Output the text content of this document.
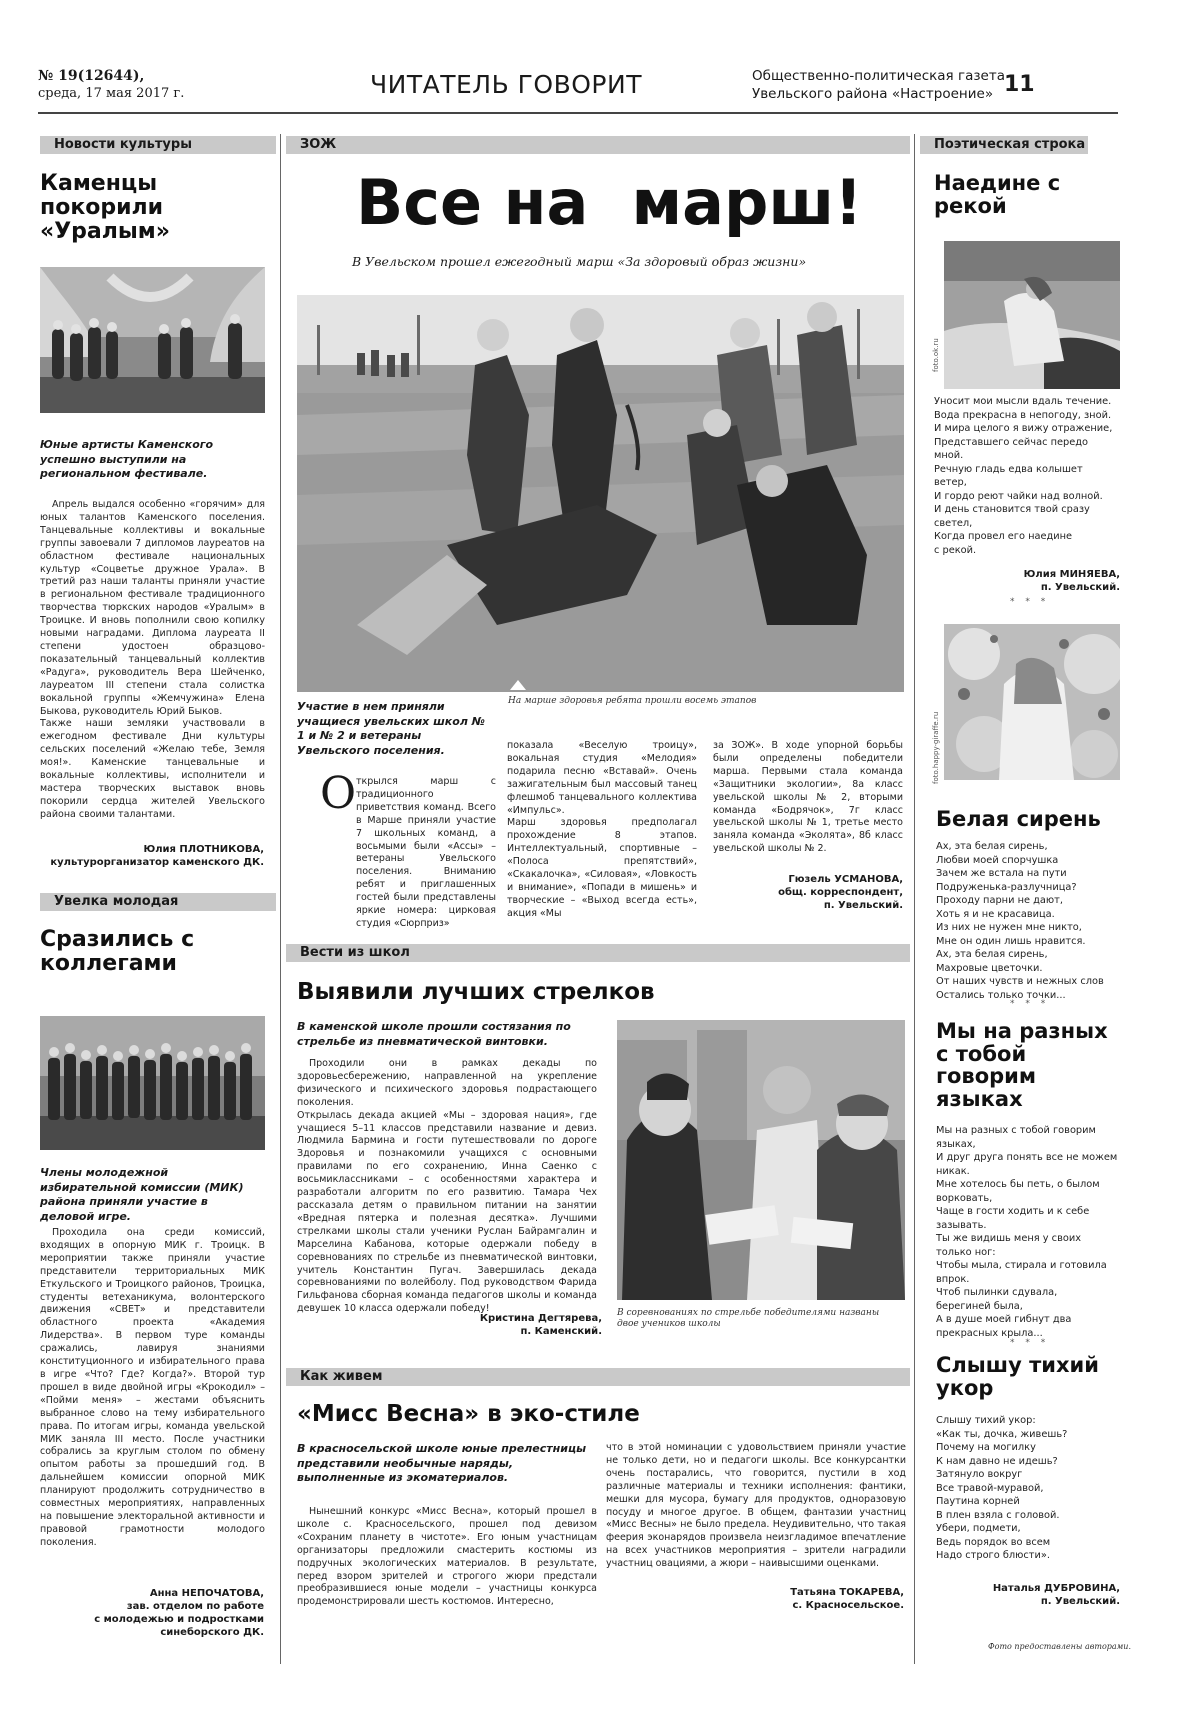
№ 19(12644),
среда, 17 мая 2017 г.	ЧИТАТЕЛЬ ГОВОРИТ	Общественно-политическая газета
Увельского района «Настроение» 11
Новости культуры
Каменцы покорили «Уралым»
Юные артисты Каменского успешно выступили на региональном фестивале.

Апрель выдался особенно «горячим» для юных талантов Каменского поселения. Танцевальные коллективы и вокальные группы завоевали 7 дипломов лауреатов на областном фестивале национальных культур «Соцветье дружное Урала». В третий раз наши таланты приняли участие в региональном фестивале традиционного творчества тюркских народов «Уралым» в Троицке. И вновь пополнили свою копилку новыми наградами. Диплома лауреата II степени удостоен образцово-показательный танцевальный коллектив «Радуга», руководитель Вера Шейченко, лауреатом III степени стала солистка вокальной группы «Жемчужина» Елена Быкова, руководитель Юрий Быков.
Также наши земляки участвовали в ежегодном фестивале Дни культуры сельских поселений «Желаю тебе, Земля моя!». Каменские танцевальные и вокальные коллективы, исполнители и мастера творческих выставок вновь покорили сердца жителей Увельского района своими талантами.

Юлия ПЛОТНИКОВА,
культурорганизатор каменского ДК.
Увелка молодая
Сразились с коллегами
Члены молодежной избирательной комиссии (МИК) района приняли участие в деловой игре.

Проходила она среди комиссий, входящих в опорную МИК г. Троицк. В мероприятии также приняли участие представители территориальных МИК Еткульского и Троицкого районов, Троицка, студенты ветеханикума, волонтерского движения «СВЕТ» и представители областного проекта «Академия Лидерства». В первом туре команды сражались, лавируя знаниями конституционного и избирательного права в игре «Что? Где? Когда?». Второй тур прошел в виде двойной игры «Крокодил» – «Пойми меня» – жестами объяснить выбранное слово на тему избирательного права. По итогам игры, команда увельской МИК заняла III место. После участники собрались за круглым столом по обмену опытом работы за прошедший год. В дальнейшем комиссии опорной МИК планируют продолжить сотрудничество в совместных мероприятиях, направленных на повышение электоральной активности и правовой грамотности молодого поколения.

Анна НЕПОЧАТОВА,
зав. отделом по работе
с молодежью и подростками
синеборского ДК.
ЗОЖ
Все на  марш!
В Увельском прошел ежегодный марш «За здоровый образ жизни»
На марше здоровья ребята прошли восемь этапов
Участие в нем приняли учащиеся увельских школ № 1 и № 2 и ветераны Увельского поселения.
О ткрылся марш с традиционного приветствия команд. Всего в Марше приняли участие 7 школьных команд, а восьмыми были «Ассы» – ветераны Увельского поселения. Вниманию ребят и приглашенных гостей были представлены яркие номера: цирковая студия «Сюрприз»

показала «Веселую троицу», вокальная студия «Мелодия» подарила песню «Вставай». Очень зажигательным был массовый танец флешмоб танцевального коллектива «Импульс».
Марш здоровья предполагал прохождение 8 этапов. Интеллектуальный, спортивные – «Полоса препятствий», «Скакалочка», «Силовая», «Ловкость и внимание», «Попади в мишень» и творческие – «Выход всегда есть», акция «Мы

за ЗОЖ». В ходе упорной борьбы были определены победители марша. Первыми стала команда «Защитники экологии», 8а класс увельской школы № 2, вторыми команда «Бодрячок», 7г класс увельской школы № 1, третье место заняла команда «Эколята», 8б класс увельской школы № 2.

Гюзель УСМАНОВА,
общ. корреспондент,
п. Увельский.
Вести из школ
Выявили лучших стрелков
В каменской школе прошли состязания по стрельбе из пневматической винтовки.

Проходили они в рамках декады по здоровьесбережению, направленной на укрепление физического и психического здоровья подрастающего поколения.
Открылась декада акцией «Мы – здоровая нация», где учащиеся 5–11 классов представили название и девиз. Людмила Бармина и гости путешествовали по дороге Здоровья и познакомили учащихся с основными правилами по его сохранению, Инна Саенко с восьмиклассниками – с особенностями характера и разработали алгоритм по его развитию. Тамара Чех рассказала детям о правильном питании на занятии «Вредная пятерка и полезная десятка». Лучшими стрелками школы стали ученики Руслан Байрамгалин и Марселина Кабанова, которые одержали победу в соревнованиях по стрельбе из пневматической винтовки, учитель Константин Пугач. Завершилась декада соревнованиями по волейболу. Под руководством Фарида Гильфанова сборная команда педагогов школы и команда девушек 10 класса одержали победу!

Кристина Дегтярева,
п. Каменский.
В соревнованиях по стрельбе победителями названы
двое учеников школы
Как живем
«Мисс Весна» в эко-стиле
В красносельской школе юные прелестницы представили необычные наряды, выполненные из экоматериалов.

Нынешний конкурс «Мисс Весна», который прошел в школе с. Красносельского, прошел под девизом «Сохраним планету в чистоте». Его юным участницам организаторы предложили смастерить костюмы из подручных экологических материалов. В результате, перед взором зрителей и строгого жюри предстали преобразившиеся юные модели – участницы конкурса продемонстрировали шесть костюмов. Интересно,

что в этой номинации с удовольствием приняли участие не только дети, но и педагоги школы. Все конкурсантки очень постарались, что говорится, пустили в ход различные материалы и техники исполнения: фантики, мешки для мусора, бумагу для продуктов, одноразовую посуду и многое другое. В общем, фантазии участниц «Мисс Весны» не было предела. Неудивительно, что такая феерия эконарядов произвела неизгладимое впечатление на всех участников мероприятия – зрители наградили участниц овациями, а жюри – наивысшими оценками.

Татьяна ТОКАРЕВА,
с. Красносельское.
Поэтическая строка
Наедине с рекой
foto.ok.ru
Уносит мои мысли вдаль течение.
Вода прекрасна в непогоду, зной.
И мира целого я вижу отражение,
Представшего сейчас передо
мной.
Речную гладь едва колышет
ветер,
И гордо реют чайки над волной.
И день становится твой сразу
светел,
Когда провел его наедине
с рекой.
Юлия МИНЯЕВА,
п. Увельский.
* * *
foto.happy-giraffe.ru
Белая сирень
Ах, эта белая сирень,
Любви моей спорчушка
Зачем же встала на пути
Подруженька-разлучница?
Проходу парни не дают,
Хоть я и не красавица.
Из них не нужен мне никто,
Мне он один лишь нравится.
Ах, эта белая сирень,
Махровые цветочки.
От наших чувств и нежных слов
Остались только точки...
* * *
Мы на разных с тобой говорим языках
Мы на разных с тобой говорим
языках,
И друг друга понять все не можем
никак.
Мне хотелось бы петь, о былом
ворковать,
Чаще в гости ходить и к себе
зазывать.
Ты же видишь меня у своих
только ног:
Чтобы мыла, стирала и готовила
впрок.
Чтоб пылинки сдувала,
берегиней была,
А в душе моей гибнут два
прекрасных крыла...
* * *
Слышу тихий укор
Слышу тихий укор:
«Как ты, дочка, живешь?
Почему на могилку
К нам давно не идешь?
Затянуло вокруг
Все травой-муравой,
Паутина корней
В плен взяла с головой.
Убери, подмети,
Ведь порядок во всем
Надо строго блюсти».
Наталья ДУБРОВИНА,
п. Увельский.
Фото предоставлены авторами.
